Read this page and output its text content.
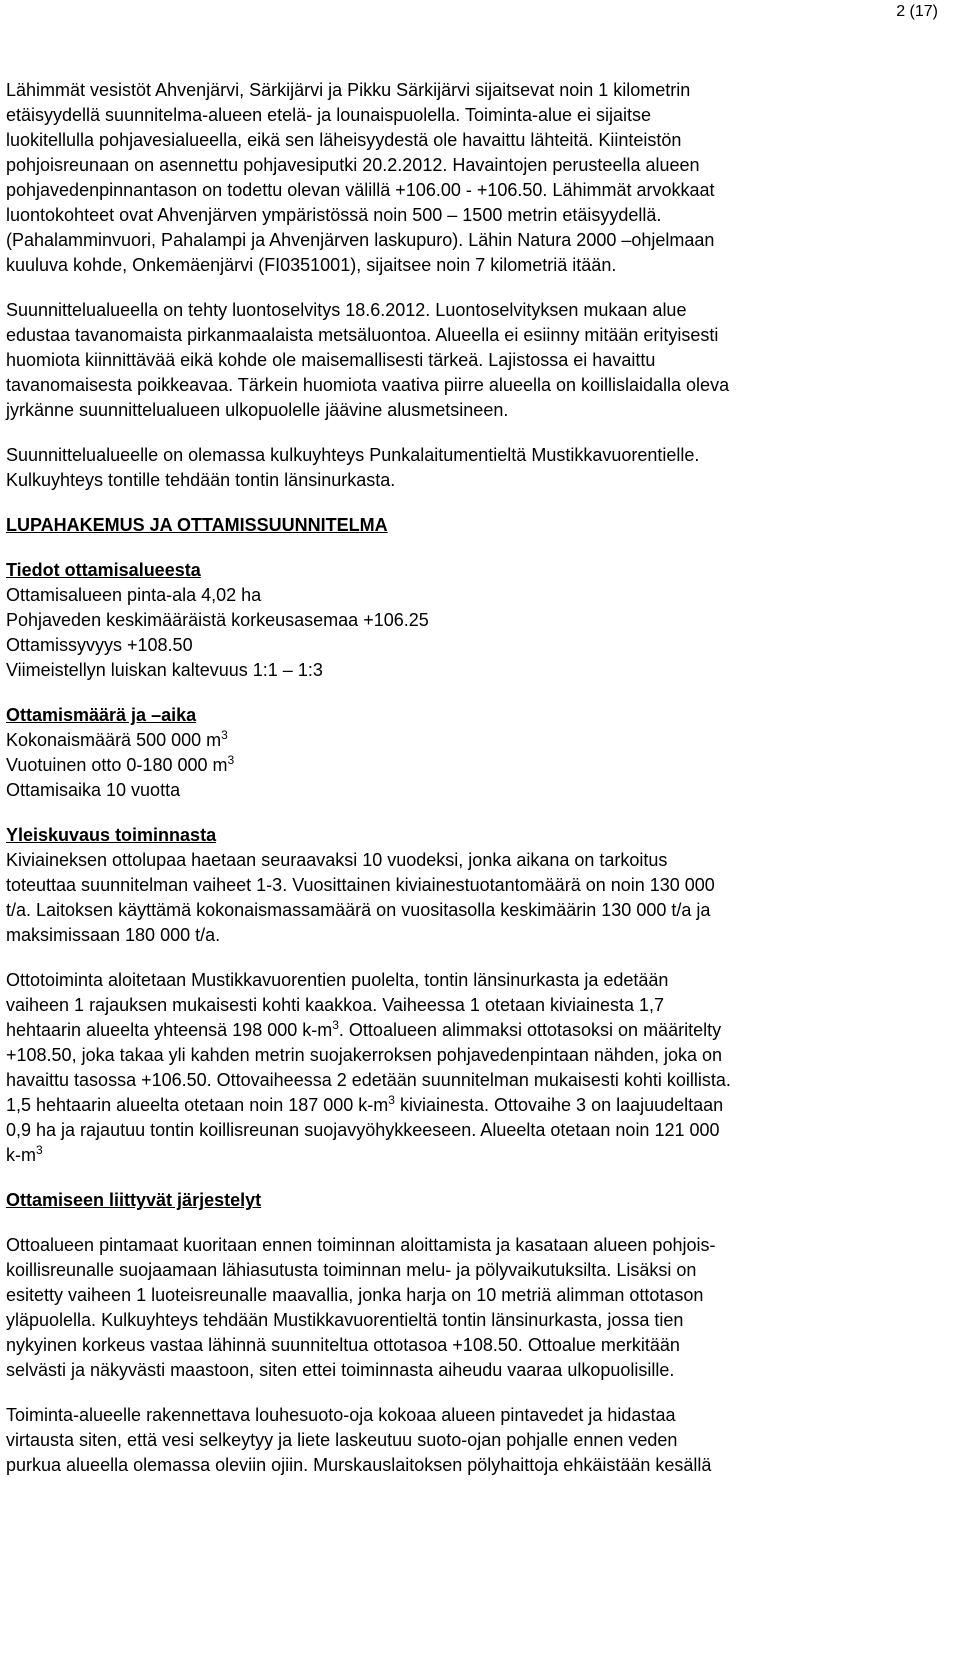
2 (17)

Lähimmät vesistöt Ahvenjärvi, Särkijärvi ja Pikku Särkijärvi sijaitsevat noin 1 kilometrin
etäisyydellä suunnitelma-alueen etelä- ja lounaispuolella. Toiminta-alue ei sijaitse
luokitellulla pohjavesialueella, eikä sen läheisyydestä ole havaittu lähteitä. Kiinteistön
pohjoisreunaan on asennettu pohjavesiputki 20.2.2012. Havaintojen perusteella alueen
pohjavedenpinnantason on todettu olevan välillä +106.00 - +106.50. Lähimmät arvokkaat
luontokohteet ovat Ahvenjärven ympäristössä noin 500 – 1500 metrin etäisyydellä.
(Pahalamminvuori, Pahalampi ja Ahvenjärven laskupuro). Lähin Natura 2000 –ohjelmaan
kuuluva kohde, Onkemäenjärvi (FI0351001), sijaitsee noin 7 kilometriä itään.

Suunnittelualueella on tehty luontoselvitys 18.6.2012. Luontoselvityksen mukaan alue
edustaa tavanomaista pirkanmaalaista metsäluontoa. Alueella ei esiinny mitään erityisesti
huomiota kiinnittävää eikä kohde ole maisemallisesti tärkeä. Lajistossa ei havaittu
tavanomaisesta poikkeavaa. Tärkein huomiota vaativa piirre alueella on koillislaidalla oleva
jyrkänne suunnittelualueen ulkopuolelle jäävine alusmetsineen.

Suunnittelualueelle on olemassa kulkuyhteys Punkalaitumentieltä Mustikkavuorentielle.
Kulkuyhteys tontille tehdään tontin länsinurkasta.

LUPAHAKEMUS JA OTTAMISSUUNNITELMA

Tiedot ottamisalueesta

Ottamisalueen pinta-ala 4,02 ha

Pohjaveden keskimääräistä korkeusasemaa +106.25

Ottamissyvyys +108.50

Viimeistellyn luiskan kaltevuus 1:1 – 1:3

Ottamismäärä ja –aika

Kokonaismäärä 500 000 $m^3$

Vuotuinen otto 0-180 000 $m^3$

Ottamisaika 10 vuotta

Yleiskuvaus toiminnasta

Kiviaineksen ottolupaa haetaan seuraavaksi 10 vuodeksi, jonka aikana on tarkoitus
toteuttaa suunnitelman vaiheet 1-3. Vuosittainen kiviainestuotantomäärä on noin 130 000
t/a. Laitoksen käyttämä kokonaismassamäärä on vuositasolla keskimäärin 130 000 t/a ja
maksimissaan 180 000 t/a.

Ottotoiminta aloitetaan Mustikkavuorentien puolelta, tontin länsinurkasta ja edetään
vaiheen 1 rajauksen mukaisesti kohti kaakkoa. Vaiheessa 1 otetaan kiviainesta 1,7
hehtaarin alueelta yhteensä 198 000 $k-m^3$. Ottoalueen alimmaksi ottotasoksi on määritelty
+108.50, joka takaa yli kahden metrin suojakerroksen pohjavedenpintaan nähden, joka on
havaittu tasossa +106.50. Ottovaiheessa 2 edetään suunnitelman mukaisesti kohti koillista.
1,5 hehtaarin alueelta otetaan noin 187 000 $k-m^3$ kiviainesta. Ottovaihe 3 on laajuudeltaan
0,9 ha ja rajautuu tontin koillisreunan suojavyöhykkeeseen. Alueelta otetaan noin 121 000
$k-m^3$

Ottamiseen liittyvät järjestelyt

Ottoalueen pintamaat kuoritaan ennen toiminnan aloittamista ja kasataan alueen pohjois-
koillisreunalle suojaamaan lähiasutusta toiminnan melu- ja pölyvaikutuksilta. Lisäksi on
esitetty vaiheen 1 luoteisreunalle maavallia, jonka harja on 10 metriä alimman ottotason
yläpuolella. Kulkuyhteys tehdään Mustikkavuorentieltä tontin länsinurkasta, jossa tien
nykyinen korkeus vastaa lähinnä suunniteltua ottotasoa +108.50. Ottoalue merkitään
selvästi ja näkyvästi maastoon, siten ettei toiminnasta aiheudu vaaraa ulkopuolisille.

Toiminta-alueelle rakennettava louhesuoto-oja kokoaa alueen pintavedet ja hidastaa
virtausta siten, että vesi selkeytyy ja liete laskeutuu suoto-ojan pohjalle ennen veden
purkua alueella olemassa oleviin ojiin. Murskauslaitoksen pölyhaittoja ehkäistään kesällä
